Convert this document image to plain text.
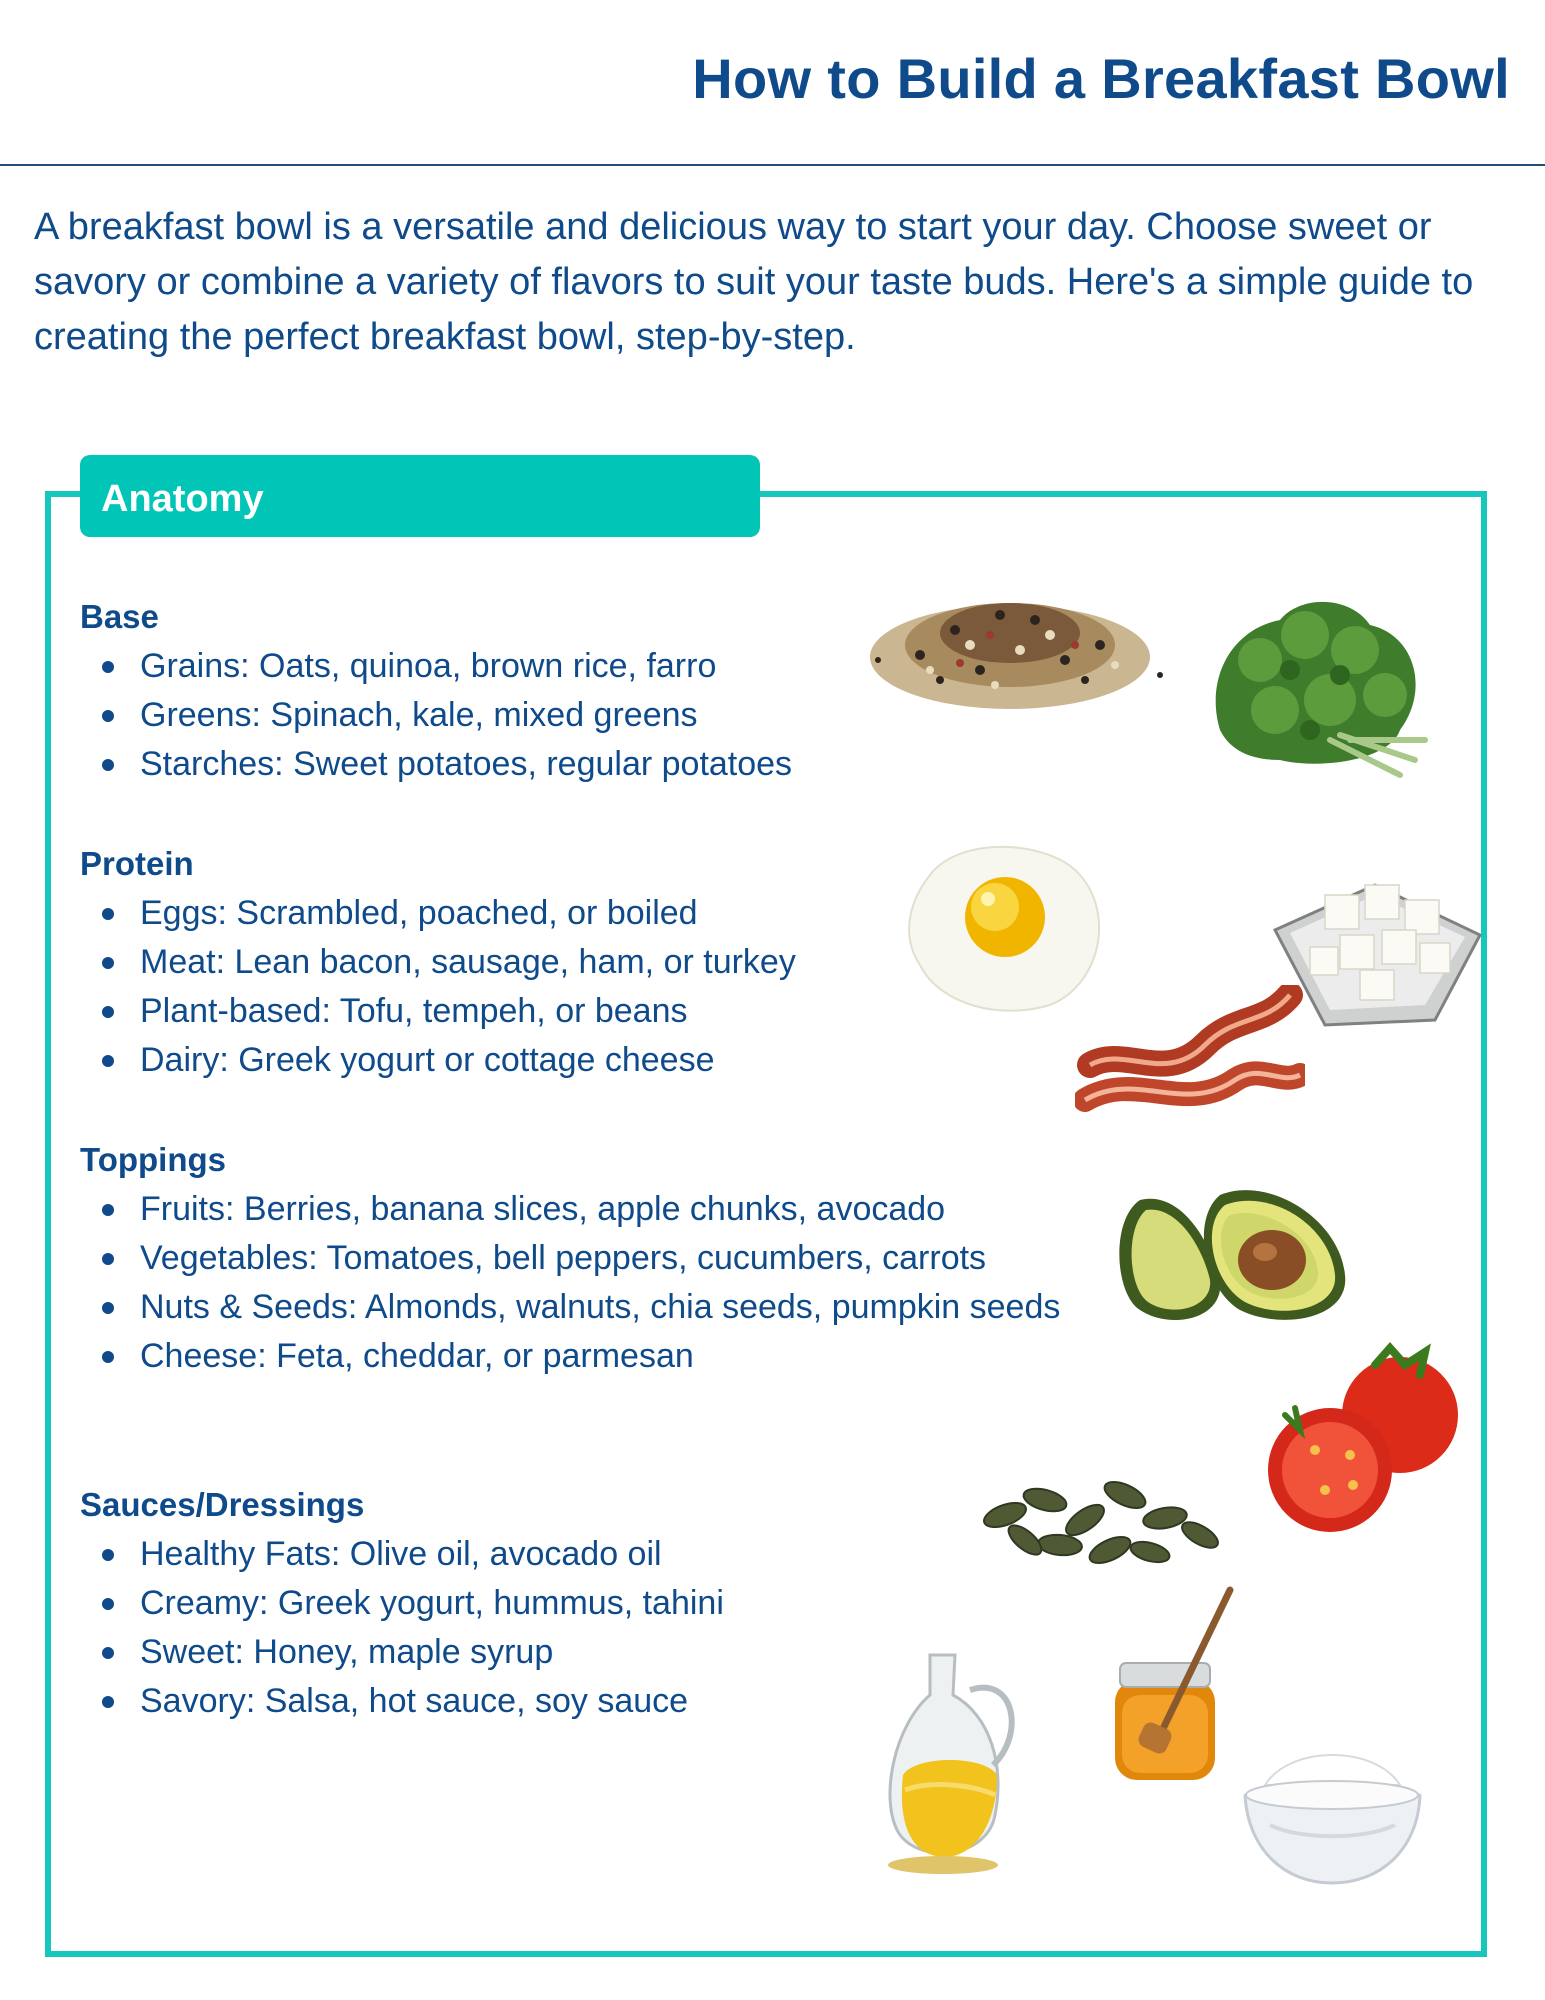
How to Build a Breakfast Bowl

A breakfast bowl is a versatile and delicious way to start your day. Choose sweet or savory or combine a variety of flavors to suit your taste buds. Here's a simple guide to creating the perfect breakfast bowl, step-by-step.

Anatomy
Base
Grains: Oats, quinoa, brown rice, farro
Greens: Spinach, kale, mixed greens
Starches: Sweet potatoes, regular potatoes
Protein
Eggs: Scrambled, poached, or boiled
Meat: Lean bacon, sausage, ham, or turkey
Plant-based: Tofu, tempeh, or beans
Dairy: Greek yogurt or cottage cheese
Toppings
Fruits: Berries, banana slices, apple chunks, avocado
Vegetables: Tomatoes, bell peppers, cucumbers, carrots
Nuts & Seeds: Almonds, walnuts, chia seeds, pumpkin seeds
Cheese: Feta, cheddar, or parmesan
Sauces/Dressings
Healthy Fats: Olive oil, avocado oil
Creamy: Greek yogurt, hummus, tahini
Sweet: Honey, maple syrup
Savory: Salsa, hot sauce, soy sauce
